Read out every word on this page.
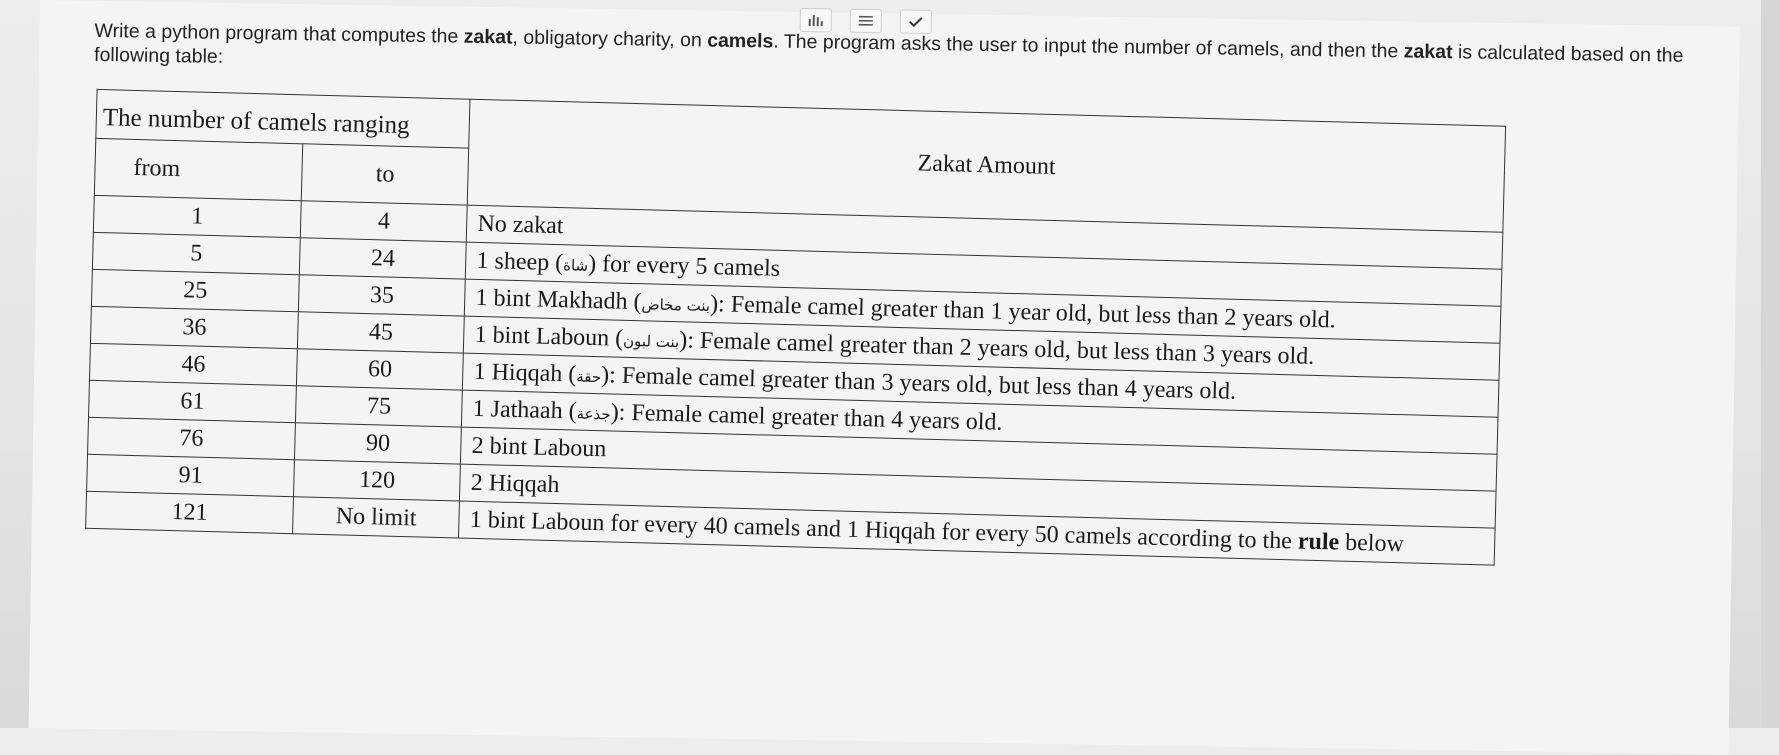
Write a python program that computes the zakat, obligatory charity, on camels. The program asks the user to input the number of camels, and then the zakat is calculated based on the following table:
The number of camels ranging		Zakat Amount
from	to	
1	4	No zakat
5	24	1 sheep (شاة) for every 5 camels
25	35	1 bint Makhadh (بنت مخاض): Female camel greater than 1 year old, but less than 2 years old.
36	45	1 bint Laboun (بنت لبون): Female camel greater than 2 years old, but less than 3 years old.
46	60	1 Hiqqah (حقة): Female camel greater than 3 years old, but less than 4 years old.
61	75	1 Jathaah (جذعة): Female camel greater than 4 years old.
76	90	2 bint Laboun
91	120	2 Hiqqah
121	No limit	1 bint Laboun for every 40 camels and 1 Hiqqah for every 50 camels according to the rule below
